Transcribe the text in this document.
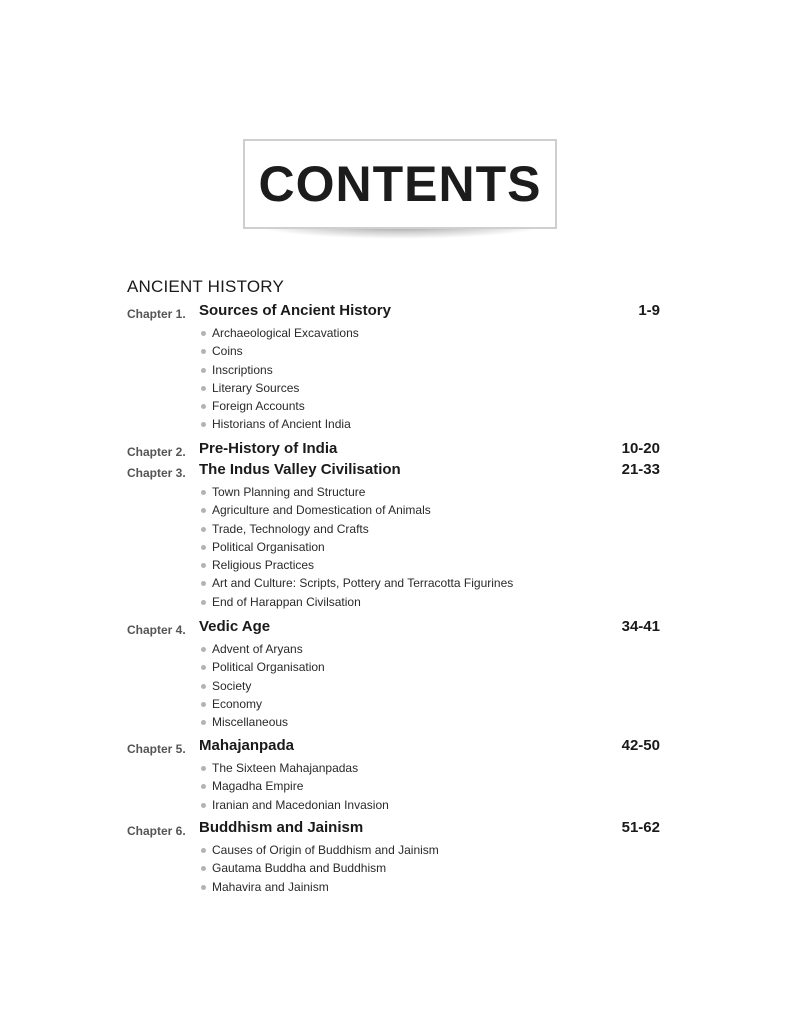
CONTENTS
ANCIENT HISTORY
Chapter 1. Sources of Ancient History	1-9
Archaeological Excavations
Coins
Inscriptions
Literary Sources
Foreign Accounts
Historians of Ancient India
Chapter 2. Pre-History of India	10-20
Chapter 3. The Indus Valley Civilisation	21-33
Town Planning and Structure
Agriculture and Domestication of Animals
Trade, Technology and Crafts
Political Organisation
Religious Practices
Art and Culture: Scripts, Pottery and Terracotta Figurines
End of Harappan Civilsation
Chapter 4. Vedic Age	34-41
Advent of Aryans
Political Organisation
Society
Economy
Miscellaneous
Chapter 5. Mahajanpada	42-50
The Sixteen Mahajanpadas
Magadha Empire
Iranian and Macedonian Invasion
Chapter 6. Buddhism and Jainism	51-62
Causes of Origin of Buddhism and Jainism
Gautama Buddha and Buddhism
Mahavira and Jainism
